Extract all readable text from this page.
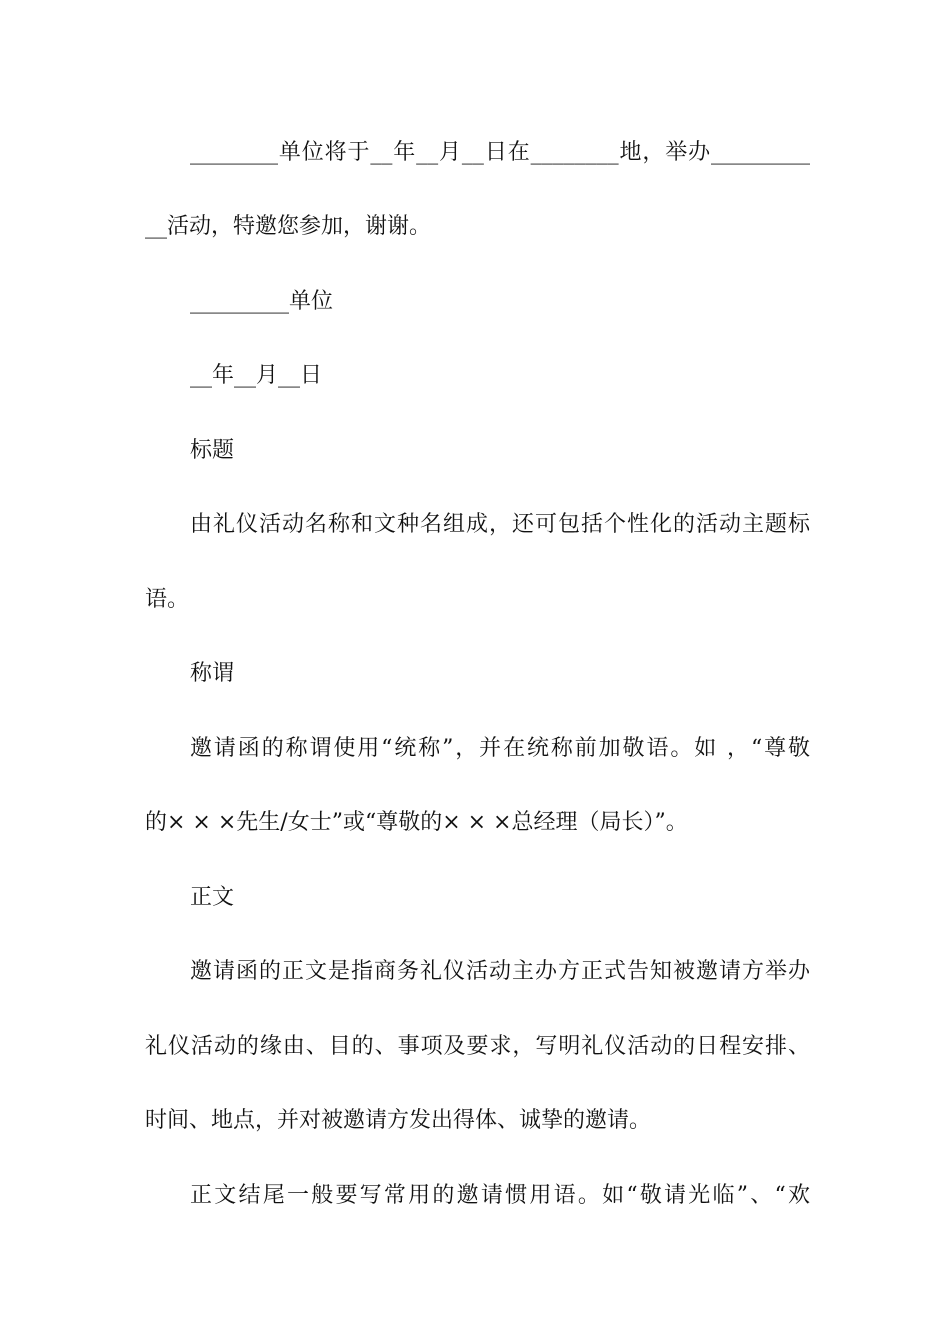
________单位将于__年__月__日在________地，举办_________
__活动，特邀您参加，谢谢。
_________单位
__年__月__日
标题
由礼仪活动名称和文种名组成，还可包括个性化的活动主题标
语。
称谓
邀请函的称谓使用“统称”，并在统称前加敬语。如 ，“尊敬
的× × ×先生/女士”或“尊敬的× × ×总经理（局长）”。
正文
邀请函的正文是指商务礼仪活动主办方正式告知被邀请方举办
礼仪活动的缘由、目的、事项及要求，写明礼仪活动的日程安排、
时间、地点，并对被邀请方发出得体、诚挚的邀请。
正文结尾一般要写常用的邀请惯用语。如“敬请光临”、“欢
